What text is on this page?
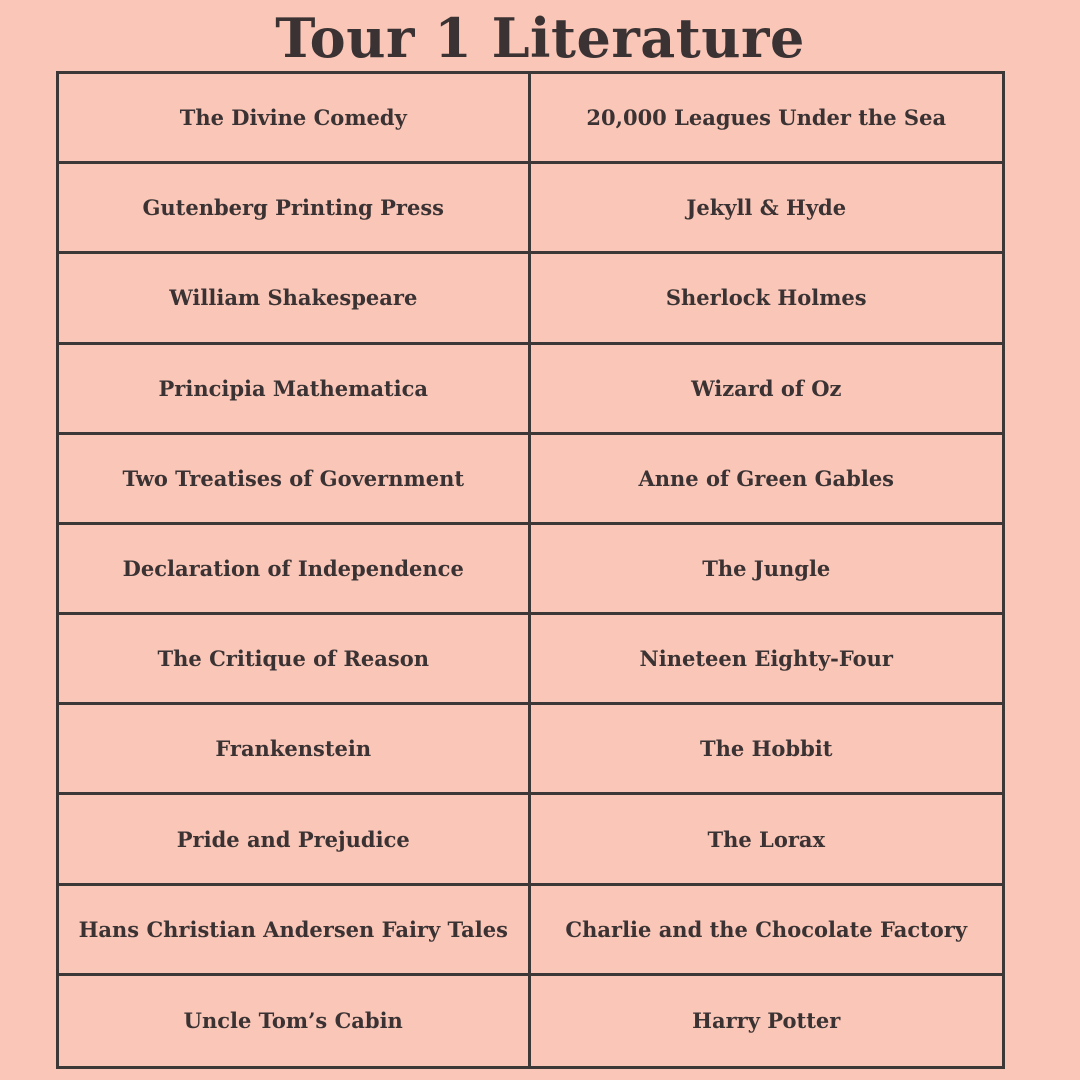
Tour 1 Literature
The Divine Comedy	20,000 Leagues Under the Sea
Gutenberg Printing Press	Jekyll & Hyde
William Shakespeare	Sherlock Holmes
Principia Mathematica	Wizard of Oz
Two Treatises of Government	Anne of Green Gables
Declaration of Independence	The Jungle
The Critique of Reason	Nineteen Eighty-Four
Frankenstein	The Hobbit
Pride and Prejudice	The Lorax
Hans Christian Andersen Fairy Tales	Charlie and the Chocolate Factory
Uncle Tom’s Cabin	Harry Potter
